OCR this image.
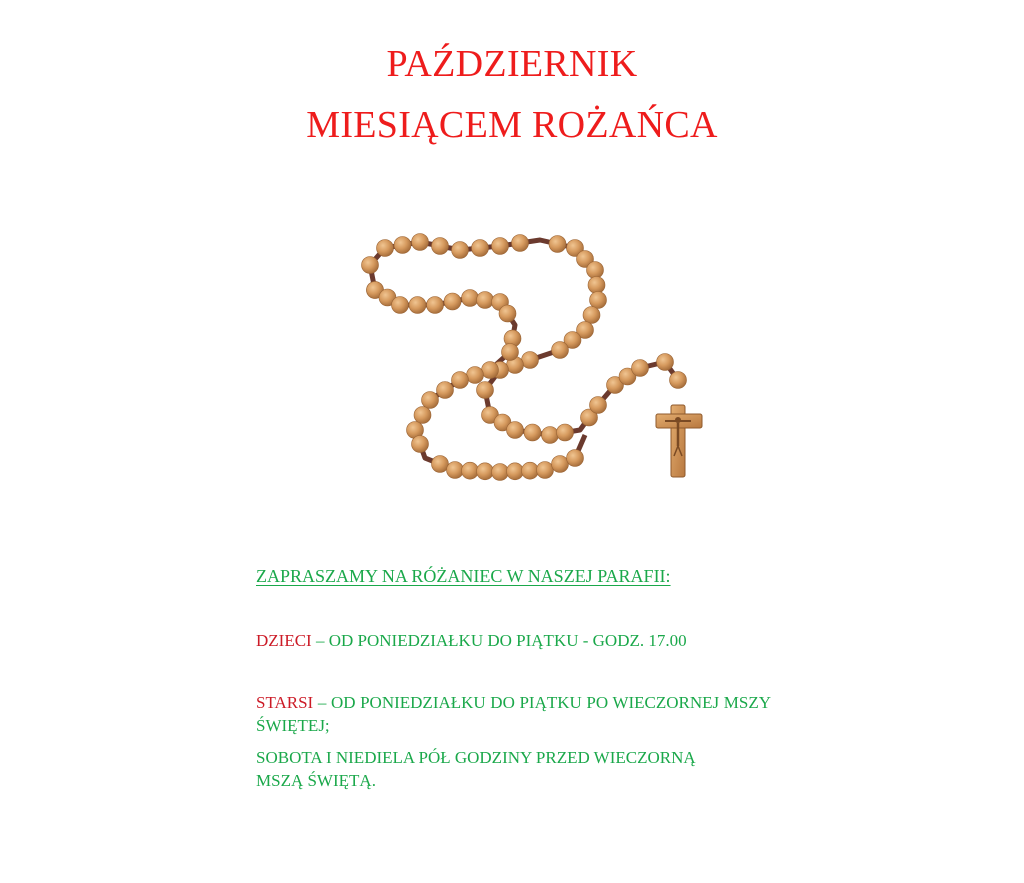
PAŹDZIERNIK
MIESIĄCEM ROŻAŃCA
ZAPRASZAMY NA RÓŻANIEC W NASZEJ PARAFII:
DZIECI – OD PONIEDZIAŁKU DO PIĄTKU - GODZ. 17.00
STARSI – OD PONIEDZIAŁKU DO PIĄTKU PO WIECZORNEJ MSZY ŚWIĘTEJ;
SOBOTA I NIEDIELA PÓŁ GODZINY PRZED WIECZORNĄ MSZĄ ŚWIĘTĄ.
